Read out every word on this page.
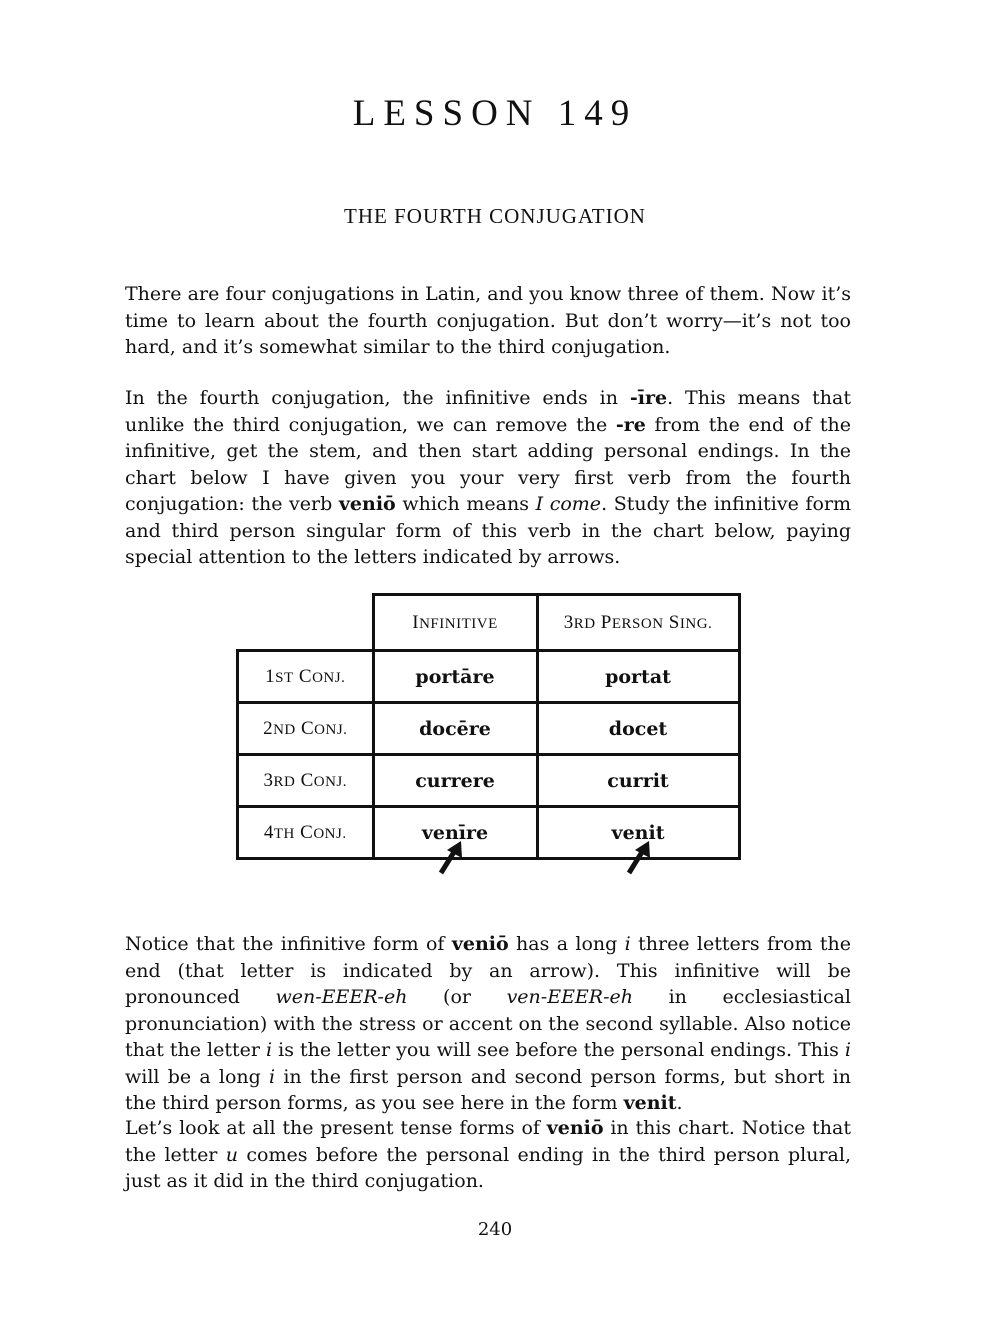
LESSON 149
THE FOURTH CONJUGATION

There are four conjugations in Latin, and you know three of them. Now it’s time to learn about the fourth conjugation. But don’t worry—it’s not too hard, and it’s somewhat similar to the third conjugation.

In the fourth conjugation, the infinitive ends in -īre. This means that unlike the third conjugation, we can remove the -re from the end of the infinitive, get the stem, and then start adding personal endings. In the chart below I have given you your very first verb from the fourth conjugation: the verb veniō which means I come. Study the infinitive form and third person singular form of this verb in the chart below, paying special attention to the letters indicated by arrows.

	INFINITIVE	3RD PERSON SING.
1ST CONJ.	portāre	portat
2ND CONJ.	docēre	docet
3RD CONJ.	currere	currit
4TH CONJ.	venīre	venit

Notice that the infinitive form of veniō has a long i three letters from the end (that letter is indicated by an arrow). This infinitive will be pronounced wen-EEER-eh (or ven-EEER-eh in ecclesiastical pronunciation) with the stress or accent on the second syllable. Also notice that the letter i is the letter you will see before the personal endings. This i will be a long i in the first person and second person forms, but short in the third person forms, as you see here in the form venit.

Let’s look at all the present tense forms of veniō in this chart. Notice that the letter u comes before the personal ending in the third person plural, just as it did in the third conjugation.

240
